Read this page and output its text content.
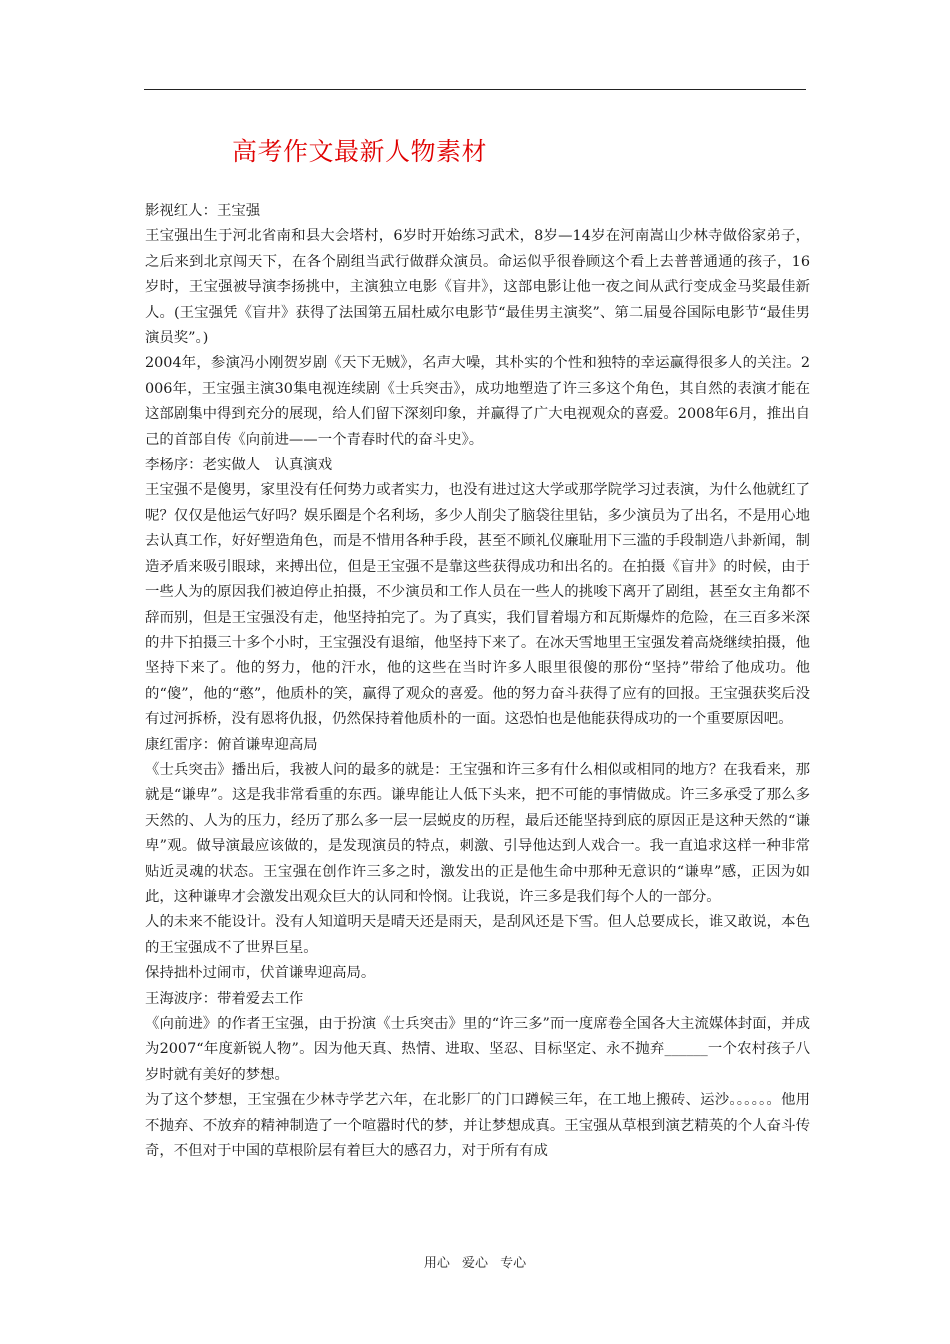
高考作文最新人物素材

影视红人：王宝强

王宝强出生于河北省南和县大会塔村，6岁时开始练习武术，8岁—14岁在河南嵩山少林寺做俗家弟子，之后来到北京闯天下，在各个剧组当武行做群众演员。命运似乎很眷顾这个看上去普普通通的孩子，16岁时，王宝强被导演李扬挑中，主演独立电影《盲井》，这部电影让他一夜之间从武行变成金马奖最佳新人。(王宝强凭《盲井》获得了法国第五届杜威尔电影节“最佳男主演奖”、第二届曼谷国际电影节“最佳男演员奖”。)

2004年，参演冯小刚贺岁剧《天下无贼》，名声大噪，其朴实的个性和独特的幸运赢得很多人的关注。2006年，王宝强主演30集电视连续剧《士兵突击》，成功地塑造了许三多这个角色，其自然的表演才能在这部剧集中得到充分的展现，给人们留下深刻印象，并赢得了广大电视观众的喜爱。2008年6月，推出自己的首部自传《向前进——一个青春时代的奋斗史》。

李杨序：老实做人　认真演戏

王宝强不是傻男，家里没有任何势力或者实力，也没有进过这大学或那学院学习过表演，为什么他就红了呢？仅仅是他运气好吗？娱乐圈是个名利场，多少人削尖了脑袋往里钻，多少演员为了出名，不是用心地去认真工作，好好塑造角色，而是不惜用各种手段，甚至不顾礼仪廉耻用下三滥的手段制造八卦新闻，制造矛盾来吸引眼球，来搏出位，但是王宝强不是靠这些获得成功和出名的。在拍摄《盲井》的时候，由于一些人为的原因我们被迫停止拍摄，不少演员和工作人员在一些人的挑唆下离开了剧组，甚至女主角都不辞而别，但是王宝强没有走，他坚持拍完了。为了真实，我们冒着塌方和瓦斯爆炸的危险，在三百多米深的井下拍摄三十多个小时，王宝强没有退缩，他坚持下来了。在冰天雪地里王宝强发着高烧继续拍摄，他坚持下来了。他的努力，他的汗水，他的这些在当时许多人眼里很傻的那份“坚持”带给了他成功。他的“傻”，他的“憨”，他质朴的笑，赢得了观众的喜爱。他的努力奋斗获得了应有的回报。王宝强获奖后没有过河拆桥，没有恩将仇报，仍然保持着他质朴的一面。这恐怕也是他能获得成功的一个重要原因吧。

康红雷序：俯首谦卑迎高局

《士兵突击》播出后，我被人问的最多的就是：王宝强和许三多有什么相似或相同的地方？在我看来，那就是“谦卑”。这是我非常看重的东西。谦卑能让人低下头来，把不可能的事情做成。许三多承受了那么多天然的、人为的压力，经历了那么多一层一层蜕皮的历程，最后还能坚持到底的原因正是这种天然的“谦卑”观。做导演最应该做的，是发现演员的特点，刺激、引导他达到人戏合一。我一直追求这样一种非常贴近灵魂的状态。王宝强在创作许三多之时，激发出的正是他生命中那种无意识的“谦卑”感，正因为如此，这种谦卑才会激发出观众巨大的认同和怜悯。让我说，许三多是我们每个人的一部分。

人的未来不能设计。没有人知道明天是晴天还是雨天，是刮风还是下雪。但人总要成长，谁又敢说，本色的王宝强成不了世界巨星。

保持拙朴过闹市，伏首谦卑迎高局。

王海波序：带着爱去工作

《向前进》的作者王宝强，由于扮演《士兵突击》里的“许三多”而一度席卷全国各大主流媒体封面，并成为2007“年度新锐人物”。因为他天真、热情、进取、坚忍、目标坚定、永不抛弃______一个农村孩子八岁时就有美好的梦想。

为了这个梦想，王宝强在少林寺学艺六年，在北影厂的门口蹲候三年，在工地上搬砖、运沙。。。。。。他用不抛弃、不放弃的精神制造了一个喧嚣时代的梦，并让梦想成真。王宝强从草根到演艺精英的个人奋斗传奇，不但对于中国的草根阶层有着巨大的感召力，对于所有有成

用心 爱心 专心
